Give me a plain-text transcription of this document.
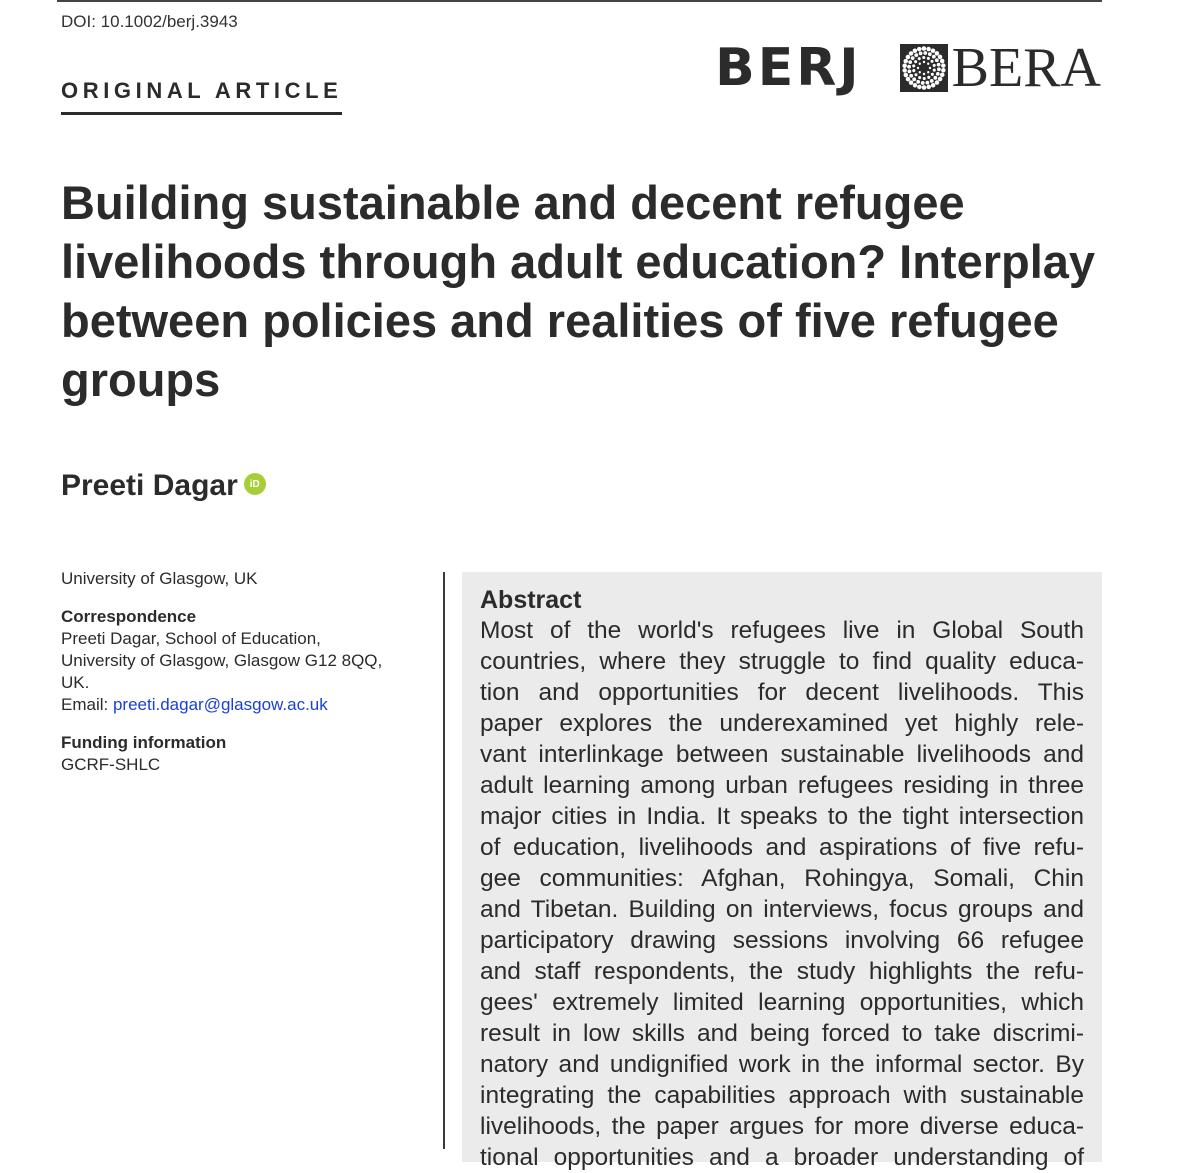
DOI: 10.1002/berj.3943
ORIGINAL ARTICLE	BERJ BERA
Building sustainable and decent refugee livelihoods through adult education? Interplay between policies and realities of five refugee groups
Preeti Dagar	iD
University of Glasgow, UK
Correspondence
Preeti Dagar, School of Education,
University of Glasgow, Glasgow G12 8QQ,
UK.
Email: preeti.dagar@glasgow.ac.uk
Funding information
GCRF-SHLC
Abstract
Most of the world's refugees live in Global South
countries, where they struggle to find quality educa-
tion and opportunities for decent livelihoods. This
paper explores the underexamined yet highly rele-
vant interlinkage between sustainable livelihoods and
adult learning among urban refugees residing in three
major cities in India. It speaks to the tight intersection
of education, livelihoods and aspirations of five refu-
gee communities: Afghan, Rohingya, Somali, Chin
and Tibetan. Building on interviews, focus groups and
participatory drawing sessions involving 66 refugee
and staff respondents, the study highlights the refu-
gees' extremely limited learning opportunities, which
result in low skills and being forced to take discrimi-
natory and undignified work in the informal sector. By
integrating the capabilities approach with sustainable
livelihoods, the paper argues for more diverse educa-
tional opportunities and a broader understanding of
